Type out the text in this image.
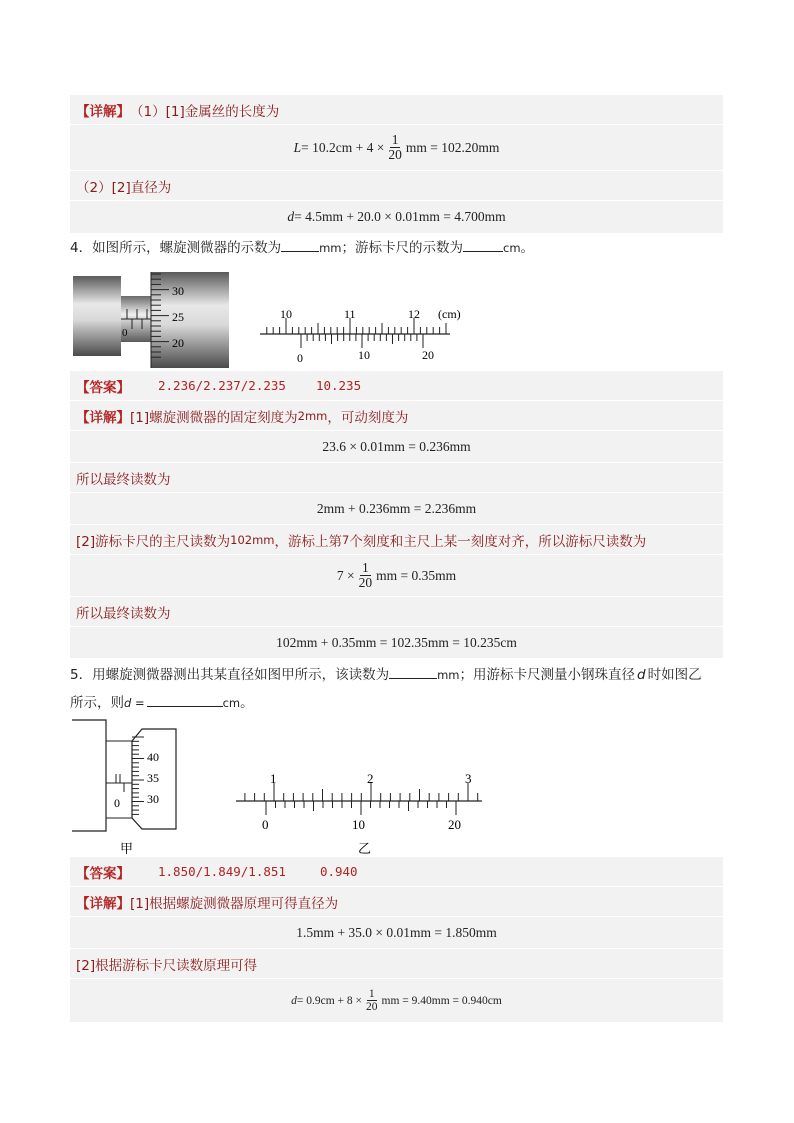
【详解】 （1）[1]金属丝的长度为
$L = 10.2cm + 4 \times \frac{1}{20}$ mm = 102.20mm
（2）[2]直径为
d = 4.5mm + 20.0 × 0.01mm = 4.700mm
4．如图所示，螺旋测微器的示数为	mm；游标卡尺的示数为	cm。
0
30
25
20
10	11	12 (cm)
0	10	20
【答案】 2.236/2.237/2.235 10.235
【详解】 [1]螺旋测微器的固定刻度为 2mm ，可动刻度为
23.6 × 0.01mm = 0.236mm
所以最终读数为
2mm + 0.236mm = 2.236mm
[2]游标卡尺的主尺读数为 102mm ，游标上第 7 个刻度和主尺上某一刻度对齐，所以游标尺读数为
$7 \times \frac{1}{20}$ mm = 0.35mm
所以最终读数为
102mm + 0.35mm = 102.35mm = 10.235cm
5．用螺旋测微器测出其某直径如图甲所示，该读数为	mm；用游标卡尺测量小钢珠直径 d 时如图乙
所示，则d =	cm。
0
40
35
30
甲
1	2	3
0	10	20
乙
【答案】 1.850/1.849/1.851	0.940
【详解】 [1]根据螺旋测微器原理可得直径为
1.5mm + 35.0 × 0.01mm = 1.850mm
[2]根据游标卡尺读数原理可得
$d = 0.9cm + 8 \times \frac{1}{20}$ mm = 9.40mm = 0.940cm
